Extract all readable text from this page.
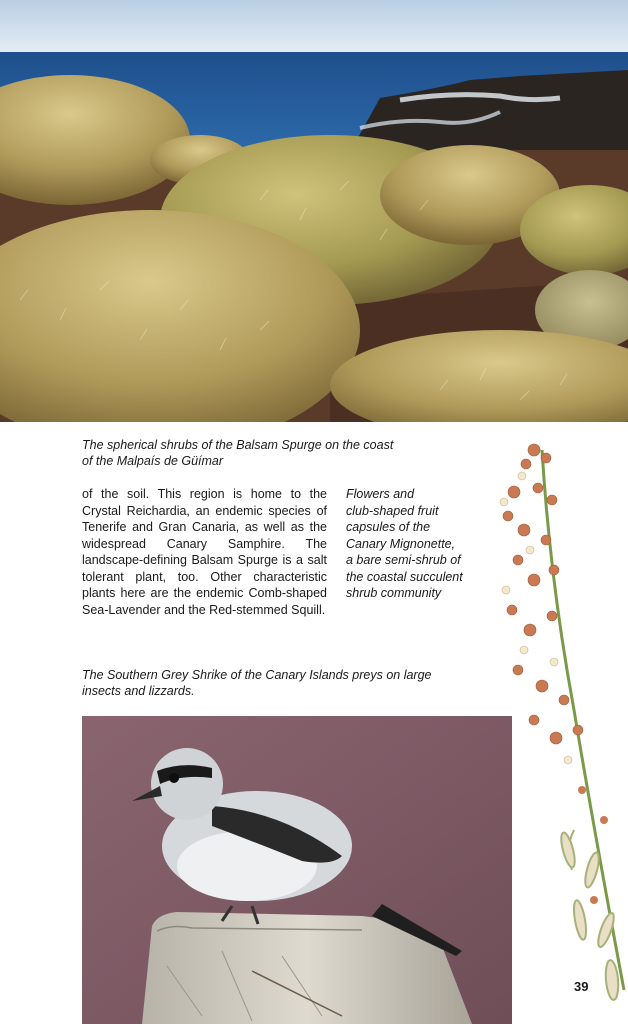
The spherical shrubs of the Balsam Spurge on the coast
of the Malpaís de Güímar
of the soil. This region is home to the Crystal Reichardia, an endemic species of Tenerife and Gran Canaria, as well as the widespread Canary Samphire. The landscape-defining Balsam Spurge is a salt tolerant plant, too. Other characteristic plants here are the endemic Comb-shaped Sea-Lavender and the Red-stemmed Squill.
Flowers and
club-shaped fruit
capsules of the
Canary Mignonette,
a bare semi-shrub of
the coastal succulent
shrub community
The Southern Grey Shrike of the Canary Islands preys on large
insects and lizzards.
39
